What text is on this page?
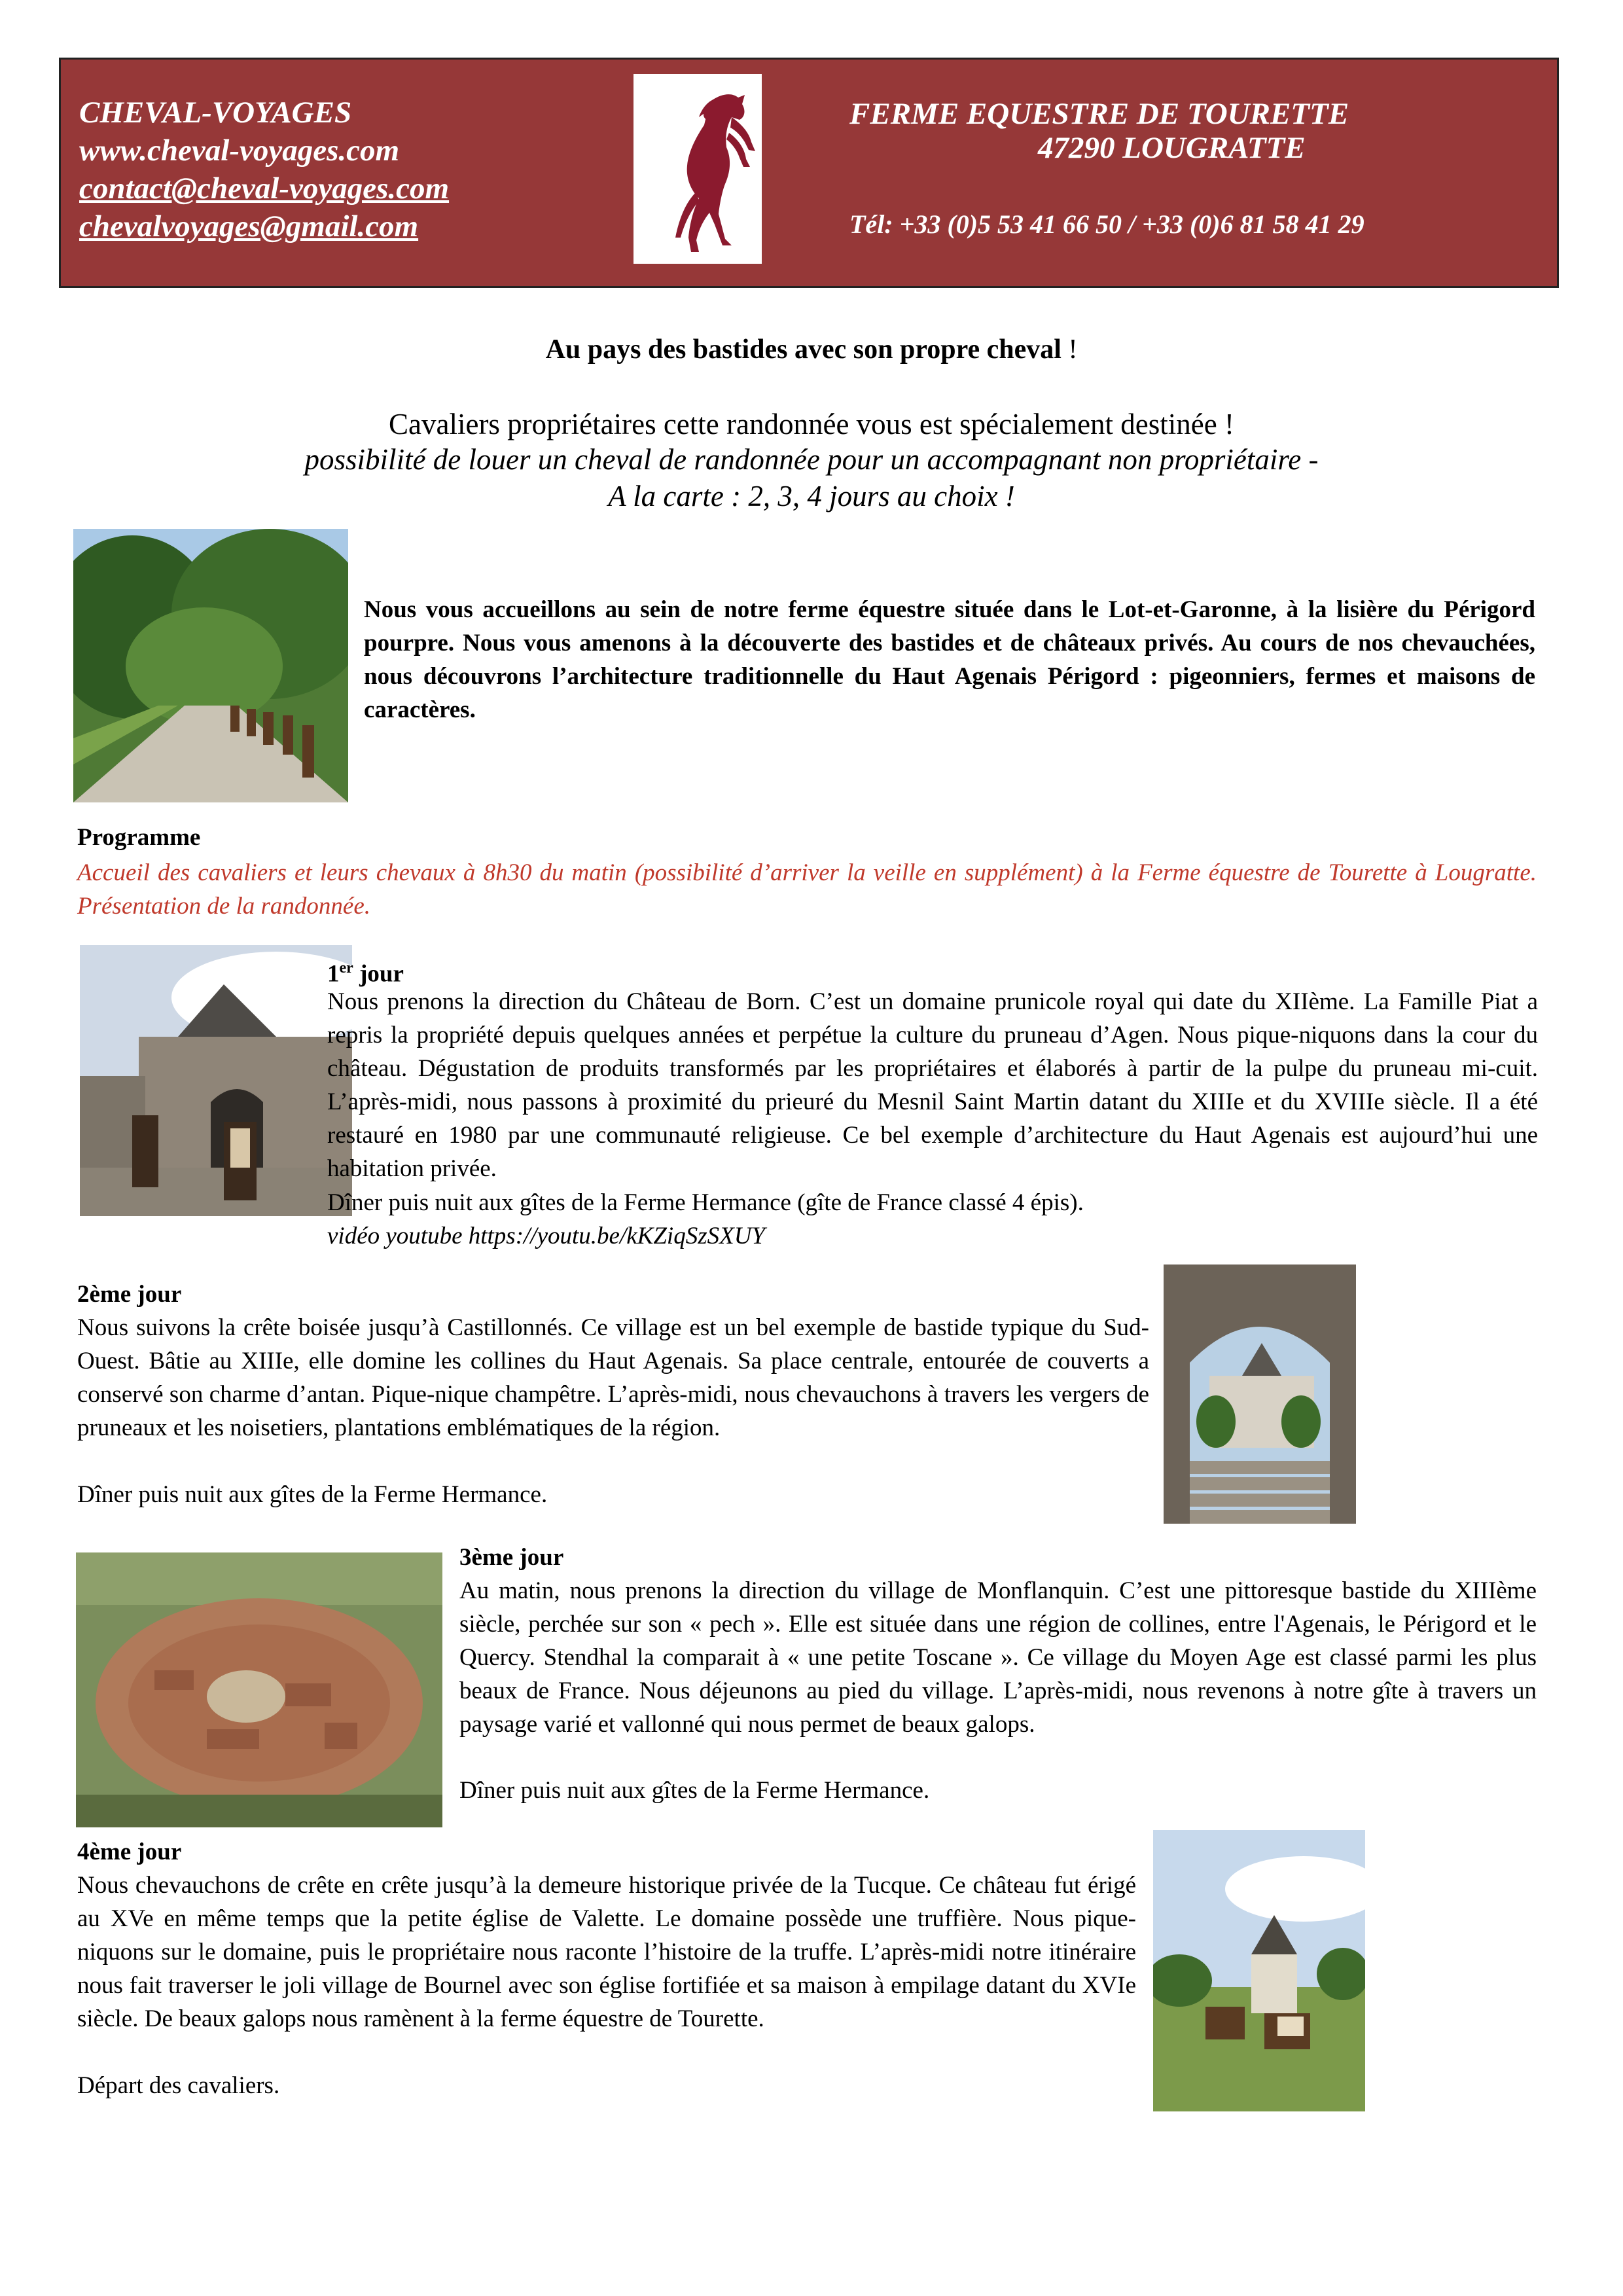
CHEVAL-VOYAGES
www.cheval-voyages.com
contact@cheval-voyages.com
chevalvoyages@gmail.com
FERME EQUESTRE DE TOURETTE
47290 LOUGRATTE
Tél: +33 (0)5 53 41 66 50 / +33 (0)6 81 58 41 29
Au pays des bastides avec son propre cheval !
Cavaliers propriétaires cette randonnée vous est spécialement destinée !
possibilité de louer un cheval de randonnée pour un accompagnant non propriétaire -
A la carte : 2, 3, 4 jours au choix !
Nous vous accueillons au sein de notre ferme équestre située dans le Lot-et-Garonne, à la lisière du Périgord pourpre. Nous vous amenons à la découverte des bastides et de châteaux privés. Au cours de nos chevauchées, nous découvrons l’architecture traditionnelle du Haut Agenais Périgord : pigeonniers, fermes et maisons de caractères.
Programme
Accueil des cavaliers et leurs chevaux à 8h30 du matin (possibilité d’arriver la veille en supplément) à la Ferme équestre de Tourette à Lougratte. Présentation de la randonnée.
1er jour
Nous prenons la direction du Château de Born. C’est un domaine prunicole royal qui date du XIIème. La Famille Piat a repris la propriété depuis quelques années et perpétue la culture du pruneau d’Agen. Nous pique-niquons dans la cour du château. Dégustation de produits transformés par les propriétaires et élaborés à partir de la pulpe du pruneau mi-cuit. L’après-midi, nous passons à proximité du prieuré du Mesnil Saint Martin datant du XIIIe et du XVIIIe siècle. Il a été restauré en 1980 par une communauté religieuse. Ce bel exemple d’architecture du Haut Agenais est aujourd’hui une habitation privée.
Dîner puis nuit aux gîtes de la Ferme Hermance (gîte de France classé 4 épis).
vidéo youtube https://youtu.be/kKZiqSzSXUY
2ème jour
Nous suivons la crête boisée jusqu’à Castillonnés. Ce village est un bel exemple de bastide typique du Sud-Ouest. Bâtie au XIIIe, elle domine les collines du Haut Agenais. Sa place centrale, entourée de couverts a conservé son charme d’antan. Pique-nique champêtre. L’après-midi, nous chevauchons à travers les vergers de pruneaux et les noisetiers, plantations emblématiques de la région.
Dîner puis nuit aux gîtes de la Ferme Hermance.
3ème jour
Au matin, nous prenons la direction du village de Monflanquin. C’est une pittoresque bastide du XIIIème siècle, perchée sur son « pech ». Elle est située dans une région de collines, entre l'Agenais, le Périgord et le Quercy. Stendhal la comparait à « une petite Toscane ». Ce village du Moyen Age est classé parmi les plus beaux de France. Nous déjeunons au pied du village. L’après-midi, nous revenons à notre gîte à travers un paysage varié et vallonné qui nous permet de beaux galops.
Dîner puis nuit aux gîtes de la Ferme Hermance.
4ème jour
Nous chevauchons de crête en crête jusqu’à la demeure historique privée de la Tucque. Ce château fut érigé au XVe en même temps que la petite église de Valette. Le domaine possède une truffière. Nous pique-niquons sur le domaine, puis le propriétaire nous raconte l’histoire de la truffe. L’après-midi notre itinéraire nous fait traverser le joli village de Bournel avec son église fortifiée et sa maison à empilage datant du XVIe siècle. De beaux galops nous ramènent à la ferme équestre de Tourette.
Départ des cavaliers.
